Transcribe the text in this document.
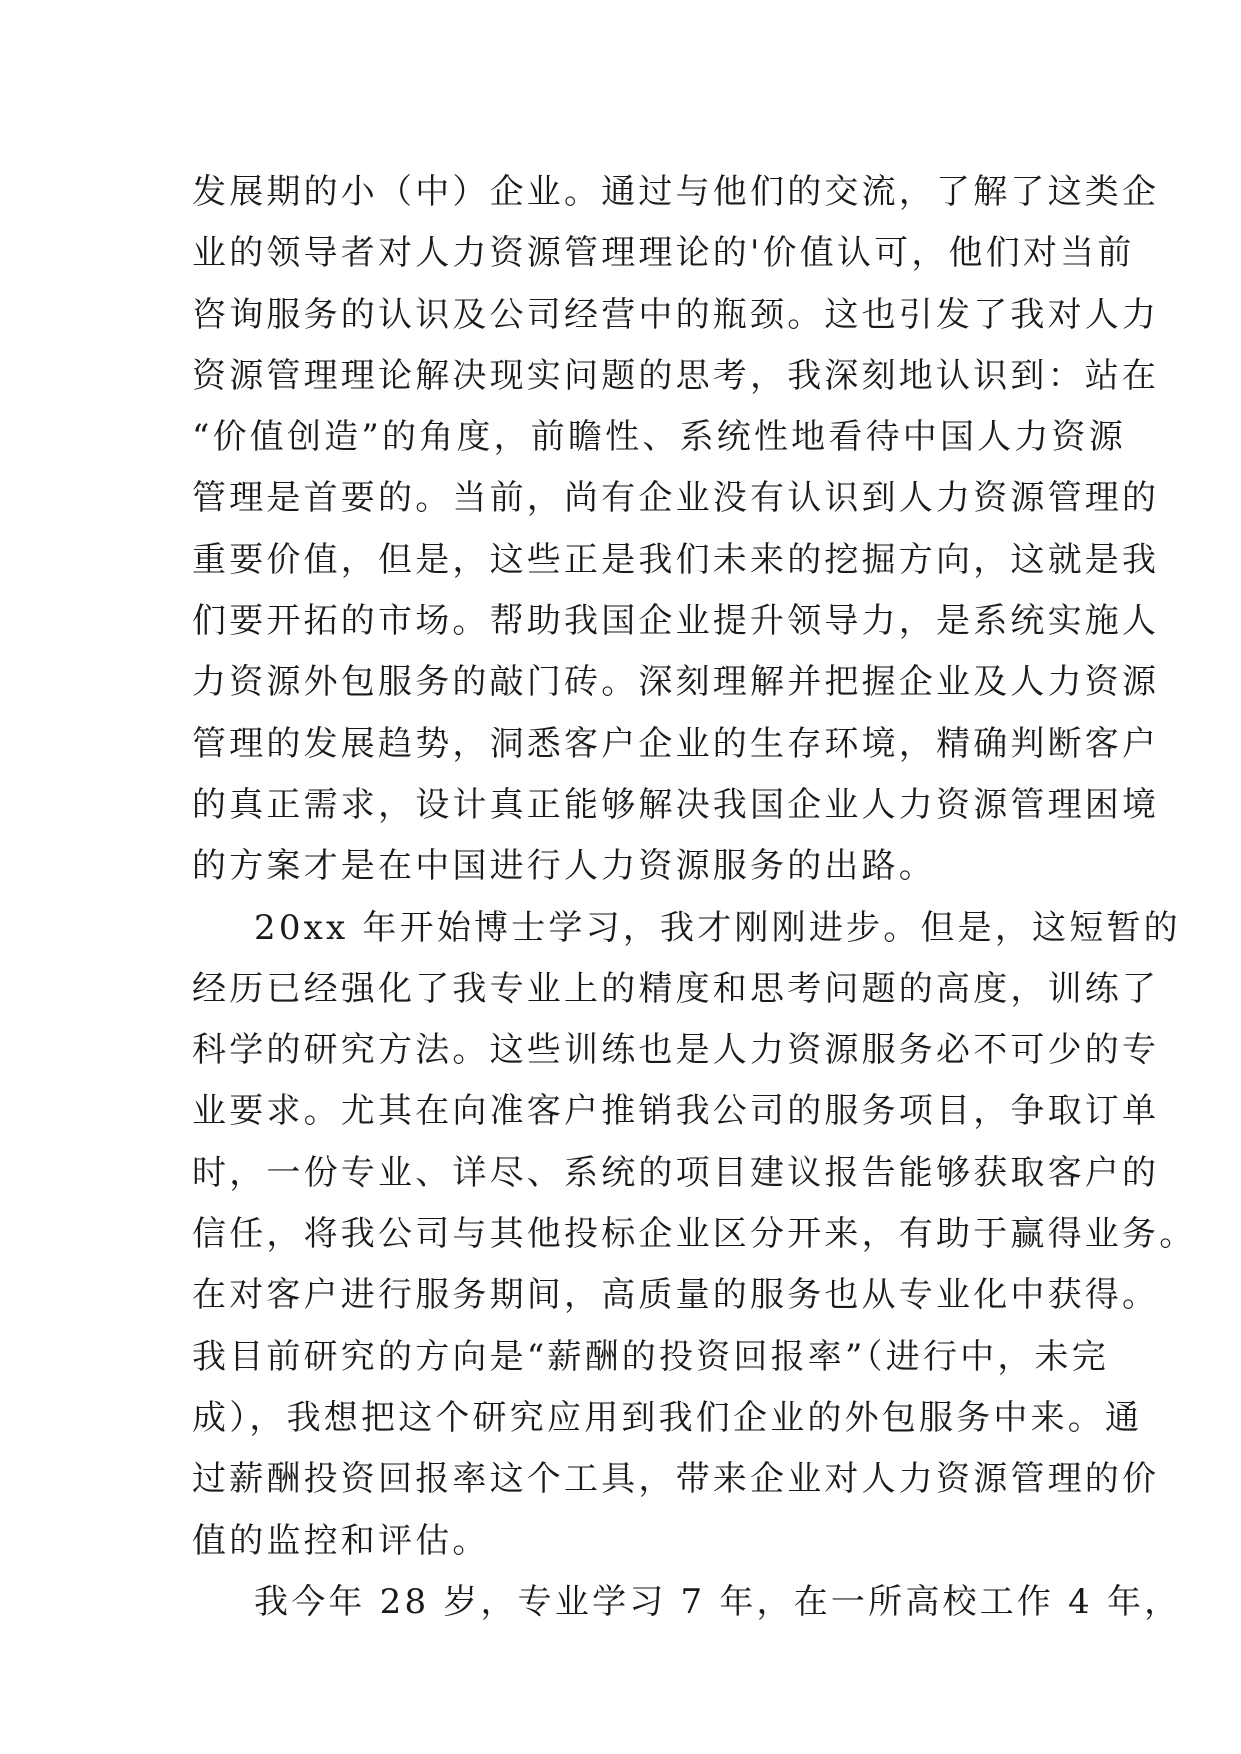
发展期的小（中）企业。通过与他们的交流，了解了这类企
业的领导者对人力资源管理理论的'价值认可，他们对当前
咨询服务的认识及公司经营中的瓶颈。这也引发了我对人力
资源管理理论解决现实问题的思考，我深刻地认识到：站在
“价值创造”的角度，前瞻性、系统性地看待中国人力资源
管理是首要的。当前，尚有企业没有认识到人力资源管理的
重要价值，但是，这些正是我们未来的挖掘方向，这就是我
们要开拓的市场。帮助我国企业提升领导力，是系统实施人
力资源外包服务的敲门砖。深刻理解并把握企业及人力资源
管理的发展趋势，洞悉客户企业的生存环境，精确判断客户
的真正需求，设计真正能够解决我国企业人力资源管理困境
的方案才是在中国进行人力资源服务的出路。
20xx 年开始博士学习，我才刚刚进步。但是，这短暂的
经历已经强化了我专业上的精度和思考问题的高度，训练了
科学的研究方法。这些训练也是人力资源服务必不可少的专
业要求。尤其在向准客户推销我公司的服务项目，争取订单
时，一份专业、详尽、系统的项目建议报告能够获取客户的
信任，将我公司与其他投标企业区分开来，有助于赢得业务。
在对客户进行服务期间，高质量的服务也从专业化中获得。
我目前研究的方向是“薪酬的投资回报率”（进行中，未完
成），我想把这个研究应用到我们企业的外包服务中来。通
过薪酬投资回报率这个工具，带来企业对人力资源管理的价
值的监控和评估。
我今年 28 岁，专业学习 7 年，在一所高校工作 4 年，
